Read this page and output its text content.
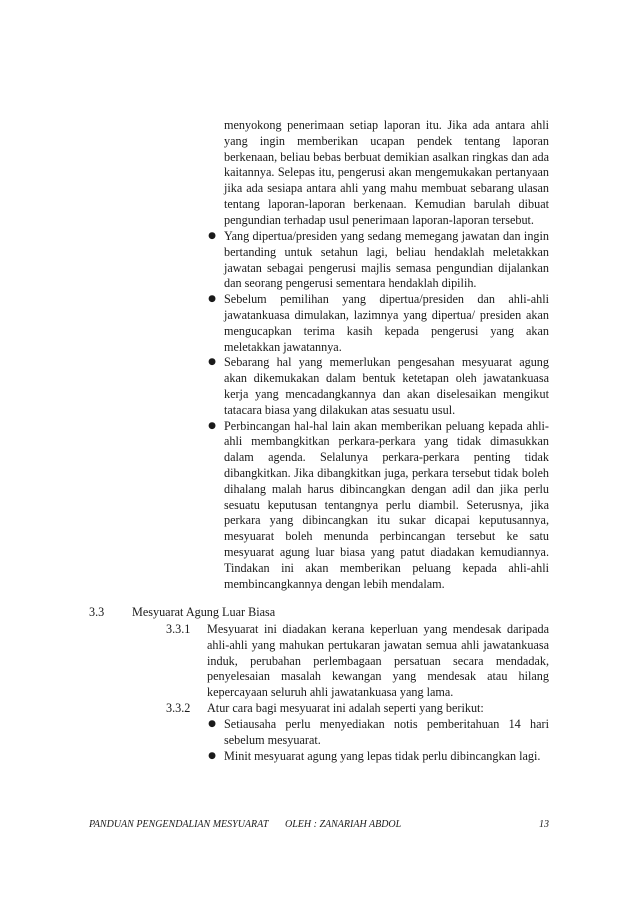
menyokong penerimaan setiap laporan itu. Jika ada antara ahli yang ingin memberikan ucapan pendek tentang laporan berkenaan, beliau bebas berbuat demikian asalkan ringkas dan ada kaitannya. Selepas itu, pengerusi akan mengemukakan pertanyaan jika ada sesiapa antara ahli yang mahu membuat sebarang ulasan tentang laporan-laporan berkenaan. Kemudian barulah dibuat pengundian terhadap usul penerimaan laporan-laporan tersebut.

● Yang dipertua/presiden yang sedang memegang jawatan dan ingin bertanding untuk setahun lagi, beliau hendaklah meletakkan jawatan sebagai pengerusi majlis semasa pengundian dijalankan dan seorang pengerusi sementara hendaklah dipilih.
● Sebelum pemilihan yang dipertua/presiden dan ahli-ahli jawatankuasa dimulakan, lazimnya yang dipertua/ presiden akan mengucapkan terima kasih kepada pengerusi yang akan meletakkan jawatannya.
● Sebarang hal yang memerlukan pengesahan mesyuarat agung akan dikemukakan dalam bentuk ketetapan oleh jawatankuasa kerja yang mencadangkannya dan akan diselesaikan mengikut tatacara biasa yang dilakukan atas sesuatu usul.
● Perbincangan hal-hal lain akan memberikan peluang kepada ahli-ahli membangkitkan perkara-perkara yang tidak dimasukkan dalam agenda. Selalunya perkara-perkara penting tidak dibangkitkan. Jika dibangkitkan juga, perkara tersebut tidak boleh dihalang malah harus dibincangkan dengan adil dan jika perlu sesuatu keputusan tentangnya perlu diambil. Seterusnya, jika perkara yang dibincangkan itu sukar dicapai keputusannya, mesyuarat boleh menunda perbincangan tersebut ke satu mesyuarat agung luar biasa yang patut diadakan kemudiannya. Tindakan ini akan memberikan peluang kepada ahli-ahli membincangkannya dengan lebih mendalam.
3.3 Mesyuarat Agung Luar Biasa
3.3.1 Mesyuarat ini diadakan kerana keperluan yang mendesak daripada ahli-ahli yang mahukan pertukaran jawatan semua ahli jawatankuasa induk, perubahan perlembagaan persatuan secara mendadak, penyelesaian masalah kewangan yang mendesak atau hilang kepercayaan seluruh ahli jawatankuasa yang lama.

3.3.2 Atur cara bagi mesyuarat ini adalah seperti yang berikut:

● Setiausaha perlu menyediakan notis pemberitahuan 14 hari sebelum mesyuarat.
● Minit mesyuarat agung yang lepas tidak perlu dibincangkan lagi.
PANDUAN PENGENDALIAN MESYUARAT OLEH : ZANARIAH ABDOL	13
